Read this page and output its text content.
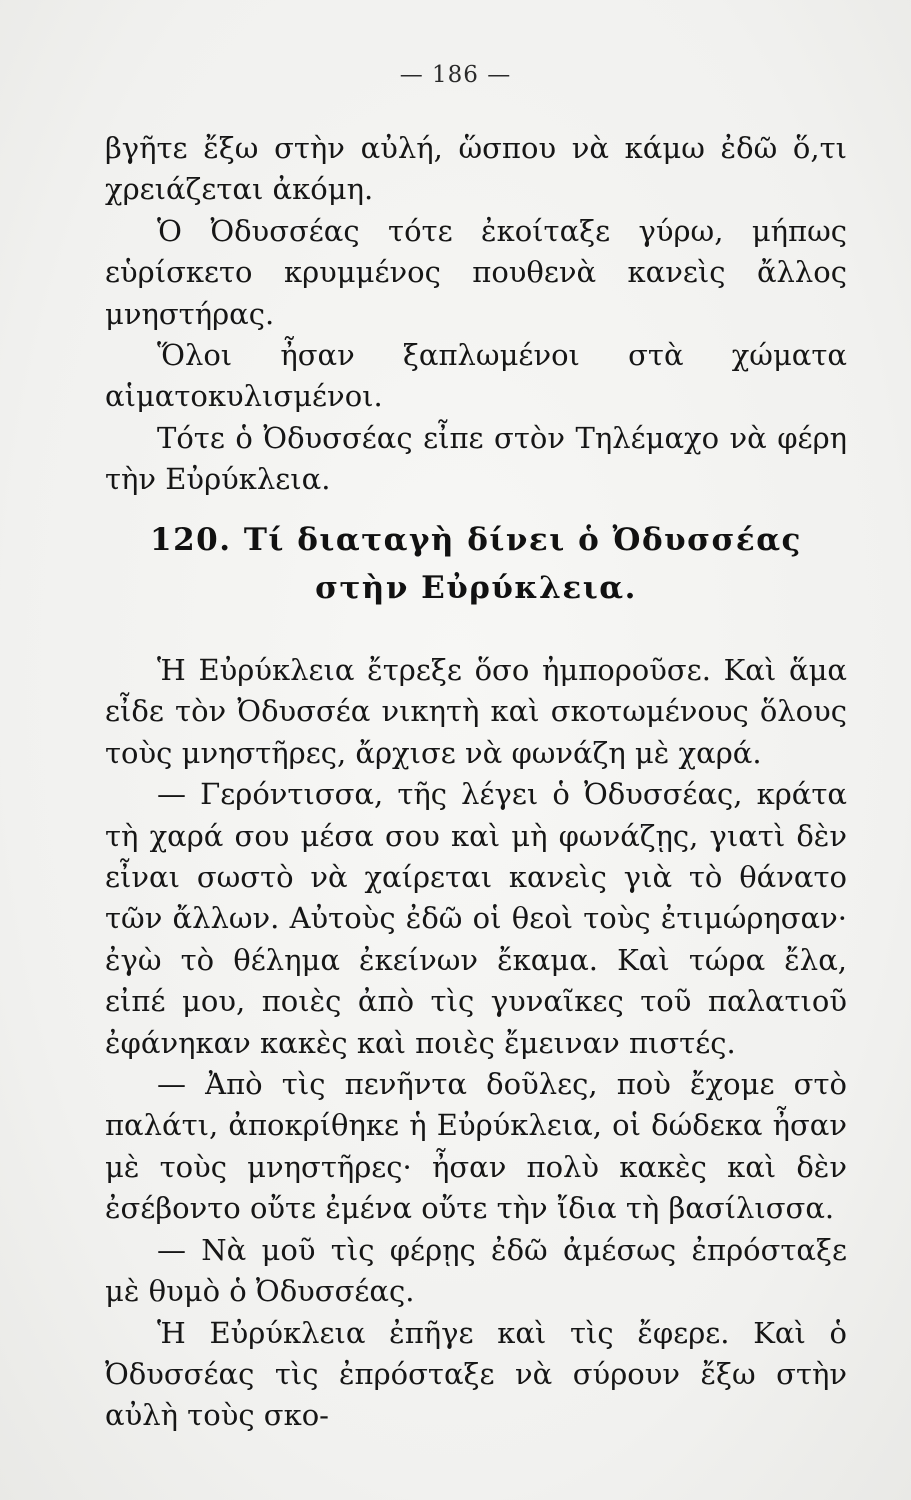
— 186 —

βγῆτε ἔξω στὴν αὐλή, ὥσπου νὰ κάμω ἐδῶ ὅ,τι χρειάζεται ἀκόμη.

Ὁ Ὀδυσσέας τότε ἐκοίταξε γύρω, μήπως εὑρίσκετο κρυμμένος πουθενὰ κανεὶς ἄλλος μνηστήρας.

Ὅλοι ἦσαν ξαπλωμένοι στὰ χώματα αἱματοκυλισμένοι.

Τότε ὁ Ὀδυσσέας εἶπε στὸν Τηλέμαχο νὰ φέρη τὴν Εὐρύκλεια.

120. Τί διαταγὴ δίνει ὁ Ὀδυσσέας
στὴν Εὐρύκλεια.

Ἡ Εὐρύκλεια ἔτρεξε ὅσο ἠμποροῦσε. Καὶ ἅμα εἶδε τὸν Ὀδυσσέα νικητὴ καὶ σκοτωμένους ὅλους τοὺς μνηστῆρες, ἄρχισε νὰ φωνάζη μὲ χαρά.

— Γερόντισσα, τῆς λέγει ὁ Ὀδυσσέας, κράτα τὴ χαρά σου μέσα σου καὶ μὴ φωνάζῃς, γιατὶ δὲν εἶναι σωστὸ νὰ χαίρεται κανεὶς γιὰ τὸ θάνατο τῶν ἄλλων. Αὐτοὺς ἐδῶ οἱ θεοὶ τοὺς ἐτιμώρησαν· ἐγὼ τὸ θέλημα ἐκείνων ἔκαμα. Καὶ τώρα ἔλα, εἰπέ μου, ποιὲς ἀπὸ τὶς γυναῖκες τοῦ παλατιοῦ ἐφάνηκαν κακὲς καὶ ποιὲς ἔμειναν πιστές.

— Ἀπὸ τὶς πενῆντα δοῦλες, ποὺ ἔχομε στὸ παλάτι, ἀποκρίθηκε ἡ Εὐρύκλεια, οἱ δώδεκα ἦσαν μὲ τοὺς μνηστῆρες· ἦσαν πολὺ κακὲς καὶ δὲν ἐσέβοντο οὔτε ἐμένα οὔτε τὴν ἴδια τὴ βασίλισσα.

— Νὰ μοῦ τὶς φέρῃς ἐδῶ ἀμέσως ἐπρόσταξε μὲ θυμὸ ὁ Ὀδυσσέας.

Ἡ Εὐρύκλεια ἐπῆγε καὶ τὶς ἔφερε. Καὶ ὁ Ὀδυσσέας τὶς ἐπρόσταξε νὰ σύρουν ἔξω στὴν αὐλὴ τοὺς σκο-
